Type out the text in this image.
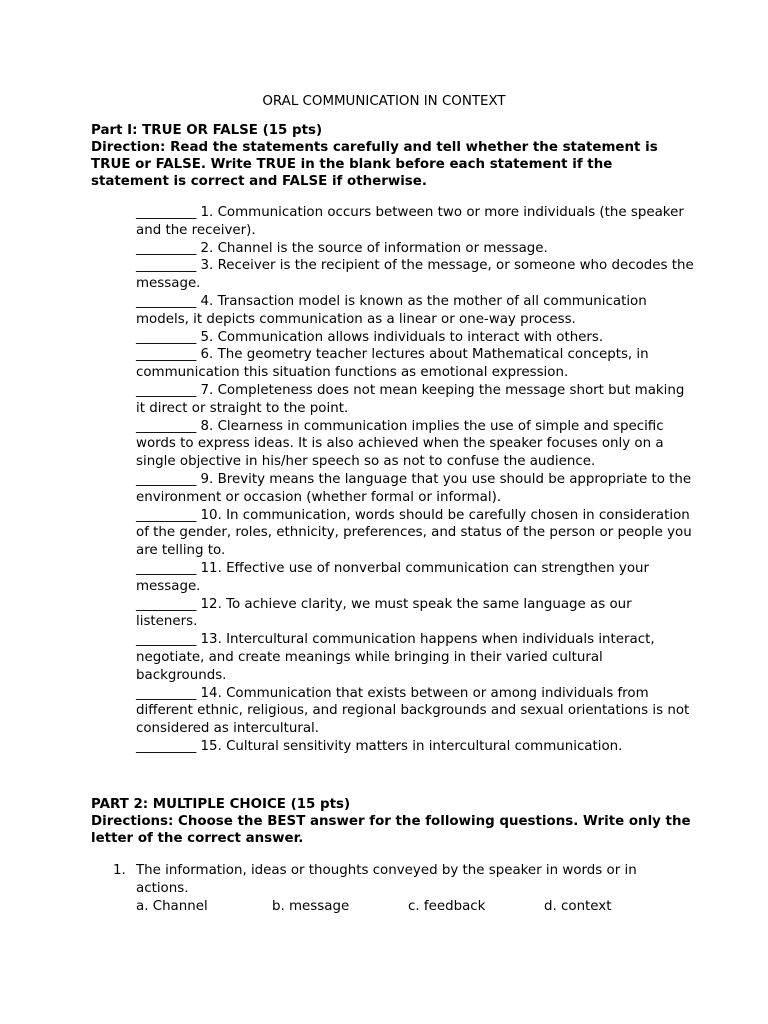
ORAL COMMUNICATION IN CONTEXT
Part I: TRUE OR FALSE (15 pts)
Direction: Read the statements carefully and tell whether the statement is TRUE or FALSE. Write TRUE in the blank before each statement if the statement is correct and FALSE if otherwise.
_________ 1. Communication occurs between two or more individuals (the speaker and the receiver).
_________ 2. Channel is the source of information or message.
_________ 3. Receiver is the recipient of the message, or someone who decodes the message.
_________ 4. Transaction model is known as the mother of all communication models, it depicts communication as a linear or one-way process.
_________ 5. Communication allows individuals to interact with others.
_________ 6. The geometry teacher lectures about Mathematical concepts, in communication this situation functions as emotional expression.
_________ 7. Completeness does not mean keeping the message short but making it direct or straight to the point.
_________ 8. Clearness in communication implies the use of simple and specific words to express ideas. It is also achieved when the speaker focuses only on a single objective in his/her speech so as not to confuse the audience.
_________ 9. Brevity means the language that you use should be appropriate to the environment or occasion (whether formal or informal).
_________ 10. In communication, words should be carefully chosen in consideration of the gender, roles, ethnicity, preferences, and status of the person or people you are telling to.
_________ 11. Effective use of nonverbal communication can strengthen your message.
_________ 12. To achieve clarity, we must speak the same language as our listeners.
_________ 13. Intercultural communication happens when individuals interact, negotiate, and create meanings while bringing in their varied cultural backgrounds.
_________ 14. Communication that exists between or among individuals from different ethnic, religious, and regional backgrounds and sexual orientations is not considered as intercultural.
_________ 15. Cultural sensitivity matters in intercultural communication.
PART 2: MULTIPLE CHOICE (15 pts)
Directions: Choose the BEST answer for the following questions. Write only the letter of the correct answer.
1. The information, ideas or thoughts conveyed by the speaker in words or in actions.
a. Channel	b. message	c. feedback	d. context
